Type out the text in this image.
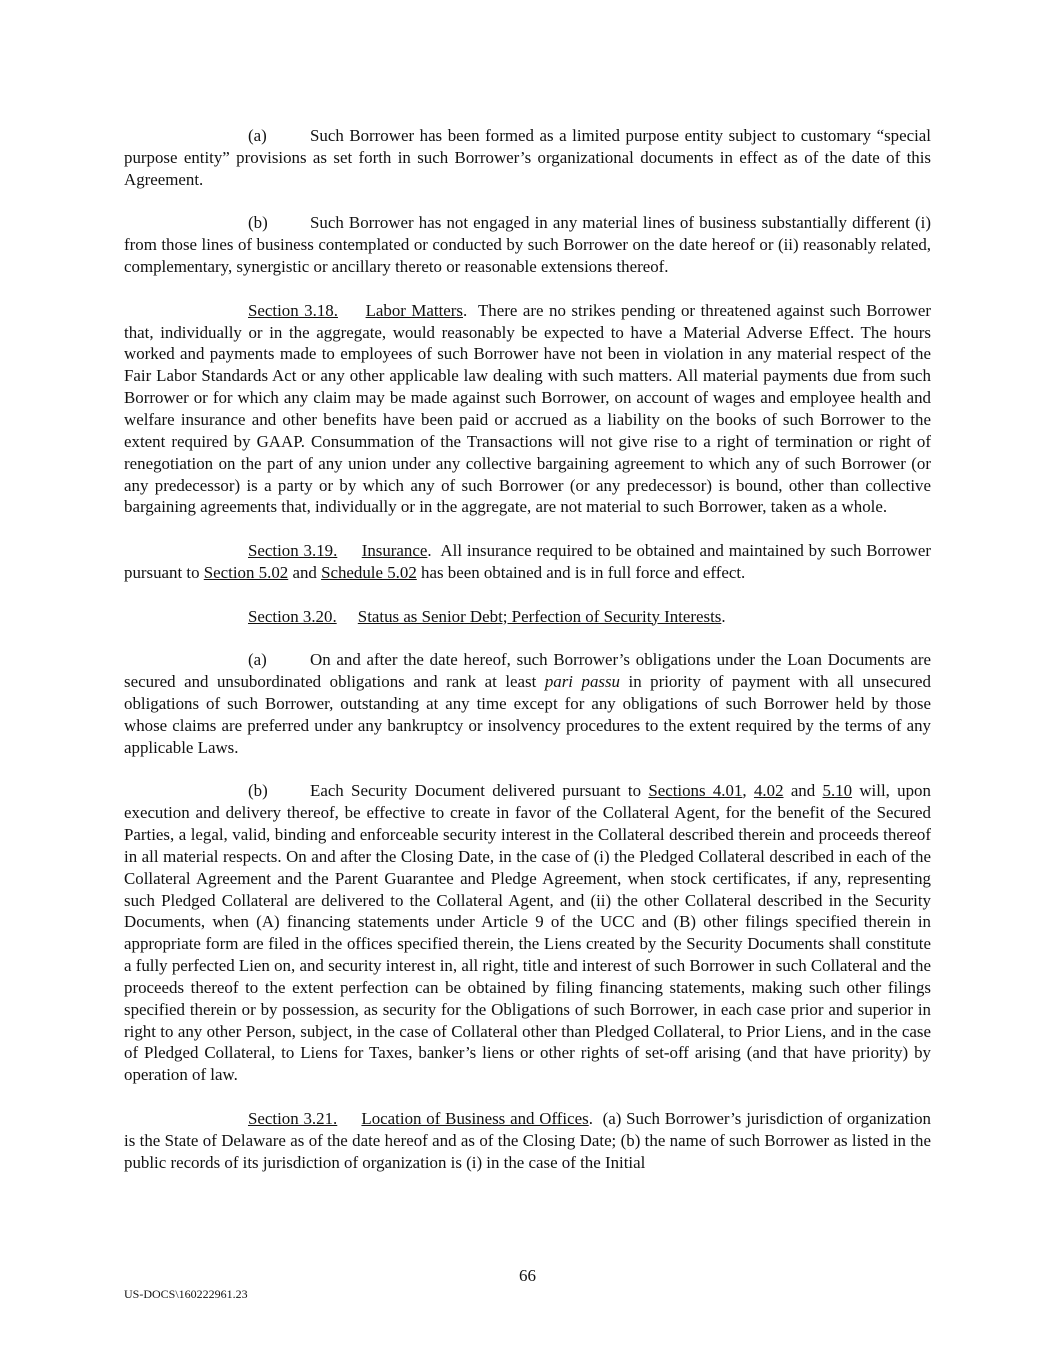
(a)	Such Borrower has been formed as a limited purpose entity subject to customary “special purpose entity” provisions as set forth in such Borrower’s organizational documents in effect as of the date of this Agreement.

(b)	Such Borrower has not engaged in any material lines of business substantially different (i) from those lines of business contemplated or conducted by such Borrower on the date hereof or (ii) reasonably related, complementary, synergistic or ancillary thereto or reasonable extensions thereof.

Section 3.18. Labor Matters. There are no strikes pending or threatened against such Borrower that, individually or in the aggregate, would reasonably be expected to have a Material Adverse Effect. The hours worked and payments made to employees of such Borrower have not been in violation in any material respect of the Fair Labor Standards Act or any other applicable law dealing with such matters. All material payments due from such Borrower or for which any claim may be made against such Borrower, on account of wages and employee health and welfare insurance and other benefits have been paid or accrued as a liability on the books of such Borrower to the extent required by GAAP. Consummation of the Transactions will not give rise to a right of termination or right of renegotiation on the part of any union under any collective bargaining agreement to which any of such Borrower (or any predecessor) is a party or by which any of such Borrower (or any predecessor) is bound, other than collective bargaining agreements that, individually or in the aggregate, are not material to such Borrower, taken as a whole.

Section 3.19. Insurance. All insurance required to be obtained and maintained by such Borrower pursuant to Section 5.02 and Schedule 5.02 has been obtained and is in full force and effect.

Section 3.20. Status as Senior Debt; Perfection of Security Interests.

(a)	On and after the date hereof, such Borrower’s obligations under the Loan Documents are secured and unsubordinated obligations and rank at least pari passu in priority of payment with all unsecured obligations of such Borrower, outstanding at any time except for any obligations of such Borrower held by those whose claims are preferred under any bankruptcy or insolvency procedures to the extent required by the terms of any applicable Laws.

(b)	Each Security Document delivered pursuant to Sections 4.01, 4.02 and 5.10 will, upon execution and delivery thereof, be effective to create in favor of the Collateral Agent, for the benefit of the Secured Parties, a legal, valid, binding and enforceable security interest in the Collateral described therein and proceeds thereof in all material respects. On and after the Closing Date, in the case of (i) the Pledged Collateral described in each of the Collateral Agreement and the Parent Guarantee and Pledge Agreement, when stock certificates, if any, representing such Pledged Collateral are delivered to the Collateral Agent, and (ii) the other Collateral described in the Security Documents, when (A) financing statements under Article 9 of the UCC and (B) other filings specified therein in appropriate form are filed in the offices specified therein, the Liens created by the Security Documents shall constitute a fully perfected Lien on, and security interest in, all right, title and interest of such Borrower in such Collateral and the proceeds thereof to the extent perfection can be obtained by filing financing statements, making such other filings specified therein or by possession, as security for the Obligations of such Borrower, in each case prior and superior in right to any other Person, subject, in the case of Collateral other than Pledged Collateral, to Prior Liens, and in the case of Pledged Collateral, to Liens for Taxes, banker’s liens or other rights of set-off arising (and that have priority) by operation of law.

Section 3.21. Location of Business and Offices. (a) Such Borrower’s jurisdiction of organization is the State of Delaware as of the date hereof and as of the Closing Date; (b) the name of such Borrower as listed in the public records of its jurisdiction of organization is (i) in the case of the Initial

66
US-DOCS\160222961.23
